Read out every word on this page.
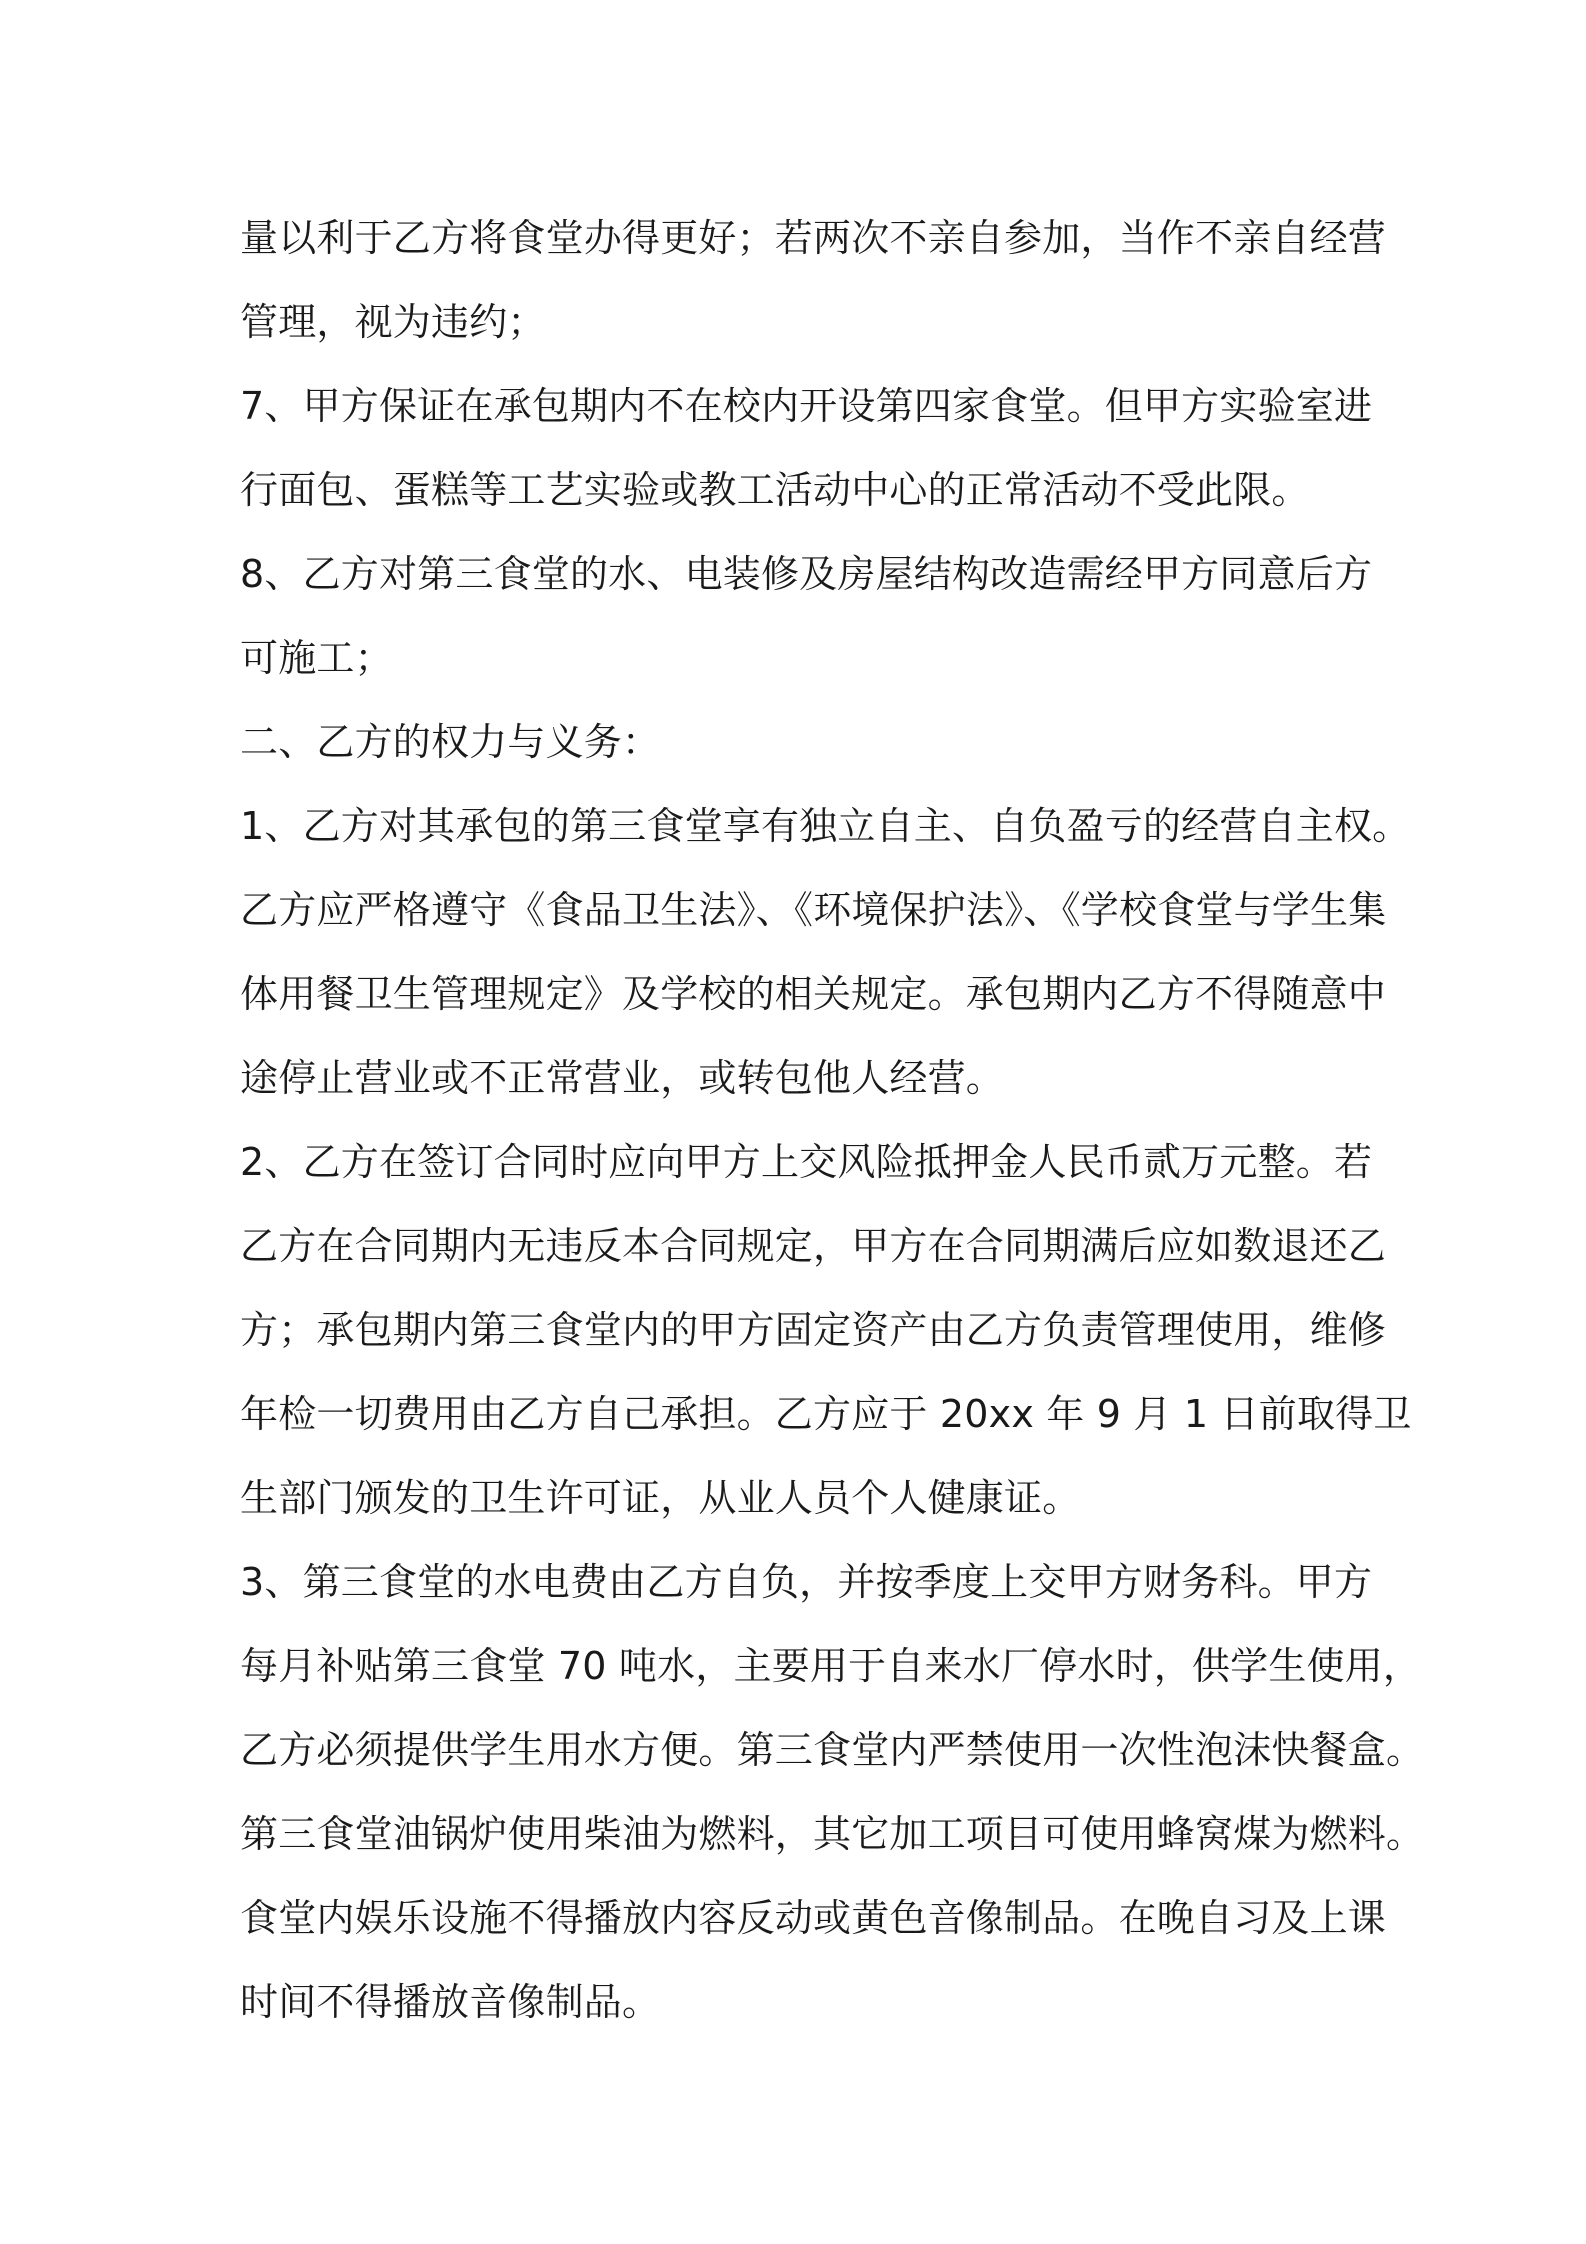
量以利于乙方将食堂办得更好；若两次不亲自参加，当作不亲自经营
管理，视为违约；
7、甲方保证在承包期内不在校内开设第四家食堂。但甲方实验室进
行面包、蛋糕等工艺实验或教工活动中心的正常活动不受此限。
8、乙方对第三食堂的水、电装修及房屋结构改造需经甲方同意后方
可施工；
二、乙方的权力与义务：
1、乙方对其承包的第三食堂享有独立自主、自负盈亏的经营自主权。
乙方应严格遵守《食品卫生法》、《环境保护法》、《学校食堂与学生集
体用餐卫生管理规定》及学校的相关规定。承包期内乙方不得随意中
途停止营业或不正常营业，或转包他人经营。
2、乙方在签订合同时应向甲方上交风险抵押金人民币贰万元整。若
乙方在合同期内无违反本合同规定，甲方在合同期满后应如数退还乙
方；承包期内第三食堂内的甲方固定资产由乙方负责管理使用，维修
年检一切费用由乙方自己承担。乙方应于 20xx 年 9 月 1 日前取得卫
生部门颁发的卫生许可证，从业人员个人健康证。
3、第三食堂的水电费由乙方自负，并按季度上交甲方财务科。甲方
每月补贴第三食堂 70 吨水，主要用于自来水厂停水时，供学生使用，
乙方必须提供学生用水方便。第三食堂内严禁使用一次性泡沫快餐盒。
第三食堂油锅炉使用柴油为燃料，其它加工项目可使用蜂窝煤为燃料。
食堂内娱乐设施不得播放内容反动或黄色音像制品。在晚自习及上课
时间不得播放音像制品。
